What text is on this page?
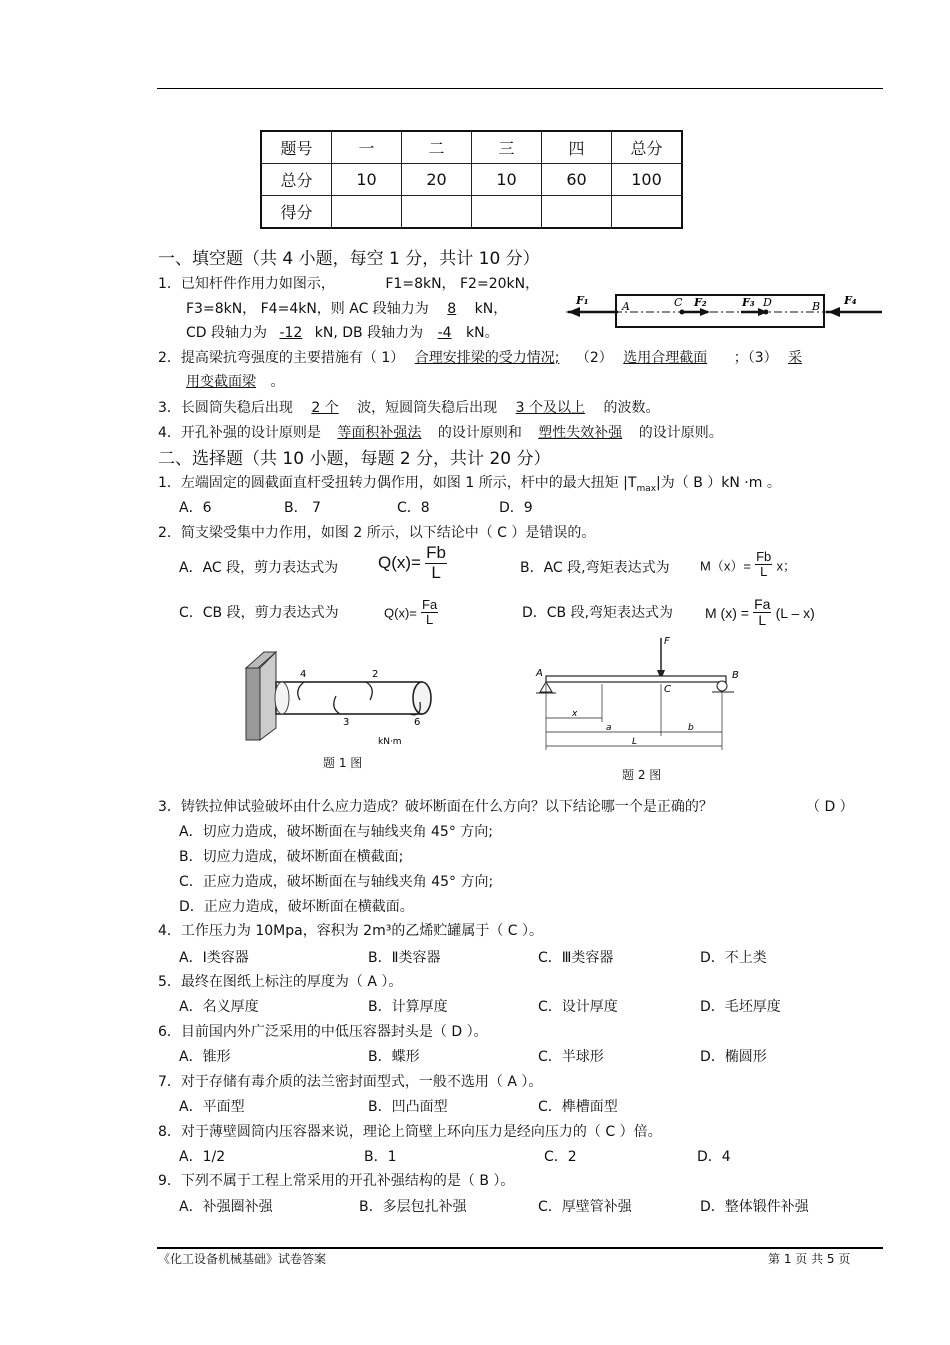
题号	一	二	三	四	总分
总分	10	20	10	60	100
得分					
一、填空题（共 4 小题，每空 1 分，共计 10 分）
1．已知杆件作用力如图示，	F1=8kN， F2=20kN，
F3=8kN， F4=4kN，则 AC 段轴力为 8 kN，
CD 段轴力为 -12 kN, DB 段轴力为 -4 kN。
F₁	A	C F₂	F₃ D	B F₄
2．提高梁抗弯强度的主要措施有（ 1） 合理安排梁的受力情况; （2） 选用合理截面 ；（3） 采
用变截面梁 。
3．长圆筒失稳后出现 2 个 波，短圆筒失稳后出现 3 个及以上 的波数。
4．开孔补强的设计原则是 等面积补强法 的设计原则和 塑性失效补强 的设计原则。
二、选择题（共 10 小题，每题 2 分，共计 20 分）
1．左端固定的圆截面直杆受扭转力偶作用，如图 1 所示，杆中的最大扭矩 $|T_{max}|$为（ B ）kN ·m 。
A．6	B． 7	C．8	D．9
2．简支梁受集中力作用，如图 2 所示，以下结论中（ C ）是错误的。
A．AC 段，剪力表达式为 $Q(x)= \frac{Fb}{L}$	B．AC 段,弯矩表达式为 $M(x)= \frac{Fb}{L}$ x；
C．CB 段，剪力表达式为	$Q(x)= \frac{Fa}{L}$	D．CB 段,弯矩表达式为 M $(x) = \frac{Fa}{L} (L - x)$
4	2
3	6
kN·m
题 1 图
F
A
C
B
x
a	b
L
题 2 图
3．铸铁拉伸试验破坏由什么应力造成？破坏断面在什么方向？以下结论哪一个是正确的？	（ D ）
A．切应力造成，破坏断面在与轴线夹角 45° 方向;
B．切应力造成，破坏断面在横截面;
C．正应力造成，破坏断面在与轴线夹角 45° 方向;
D．正应力造成，破坏断面在横截面。
4．工作压力为 10Mpa，容积为 2m³的乙烯贮罐属于（ C ）。
A．Ⅰ类容器	B．Ⅱ类容器	C．Ⅲ类容器	D．不上类
5．最终在图纸上标注的厚度为（ A ）。
A．名义厚度	B．计算厚度	C．设计厚度	D．毛坯厚度
6．目前国内外广泛采用的中低压容器封头是（ D ）。
A．锥形	B．蝶形	C．半球形	D．椭圆形
7．对于存储有毒介质的法兰密封面型式，一般不选用（ A ）。
A．平面型	B．凹凸面型	C．榫槽面型
8．对于薄壁圆筒内压容器来说，理论上筒壁上环向压力是经向压力的（ C ）倍。
A．1/2	B．1	C．2	D．4
9．下列不属于工程上常采用的开孔补强结构的是（ B ）。
A．补强圈补强	B．多层包扎补强	C．厚壁管补强	D．整体锻件补强
《化工设备机械基础》试卷答案	第 1 页 共 5 页
